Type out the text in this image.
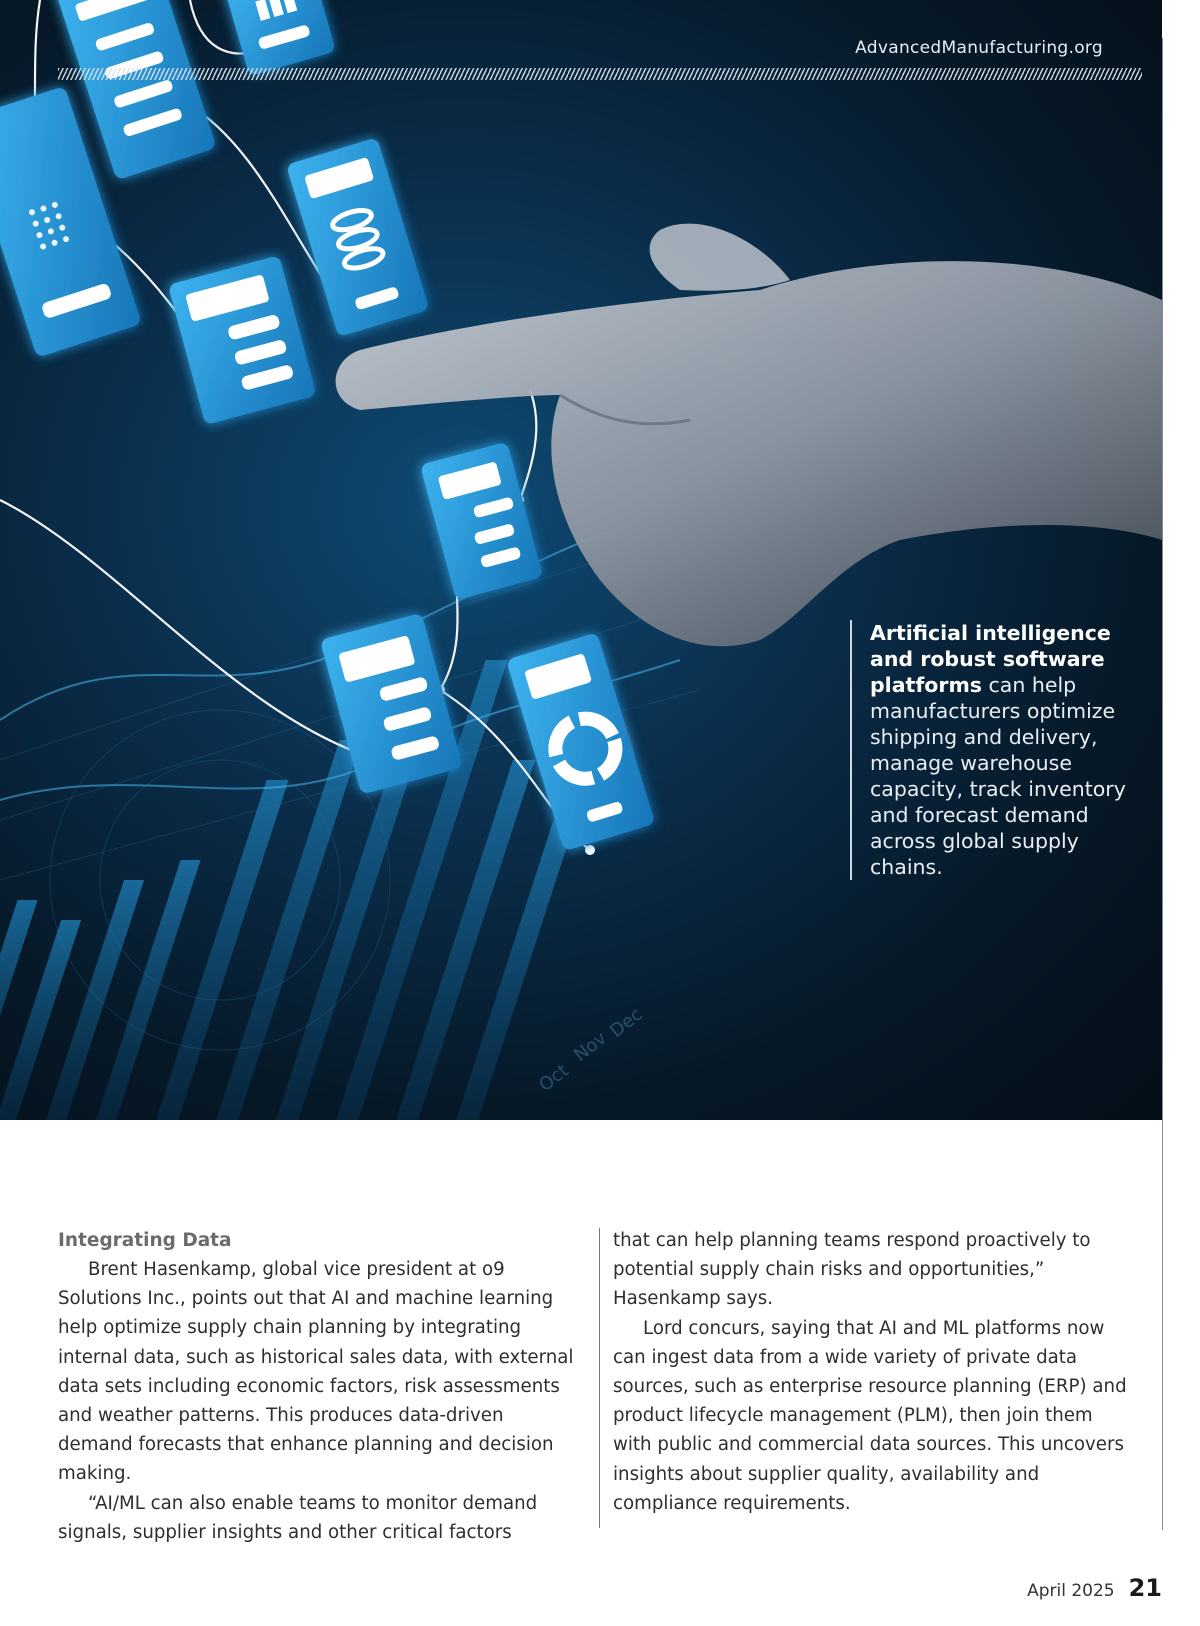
Oct
Nov
Dec
AdvancedManufacturing.org
Artificial intelligence and robust software platforms can help manufacturers optimize shipping and delivery, manage warehouse capacity, track inventory and forecast demand across global supply chains.
Integrating Data

Brent Hasenkamp, global vice president at o9 Solutions Inc., points out that AI and machine learning help optimize supply chain planning by integrating internal data, such as historical sales data, with external data sets including economic factors, risk assessments and weather patterns. This produces data-driven demand forecasts that enhance planning and decision making.

“AI/ML can also enable teams to monitor demand signals, supplier insights and other critical factors

that can help planning teams respond proactively to potential supply chain risks and opportunities,” Hasenkamp says.

Lord concurs, saying that AI and ML platforms now can ingest data from a wide variety of private data sources, such as enterprise resource planning (ERP) and product lifecycle management (PLM), then join them with public and commercial data sources. This uncovers insights about supplier quality, availability and compliance requirements.

April 2025 21
